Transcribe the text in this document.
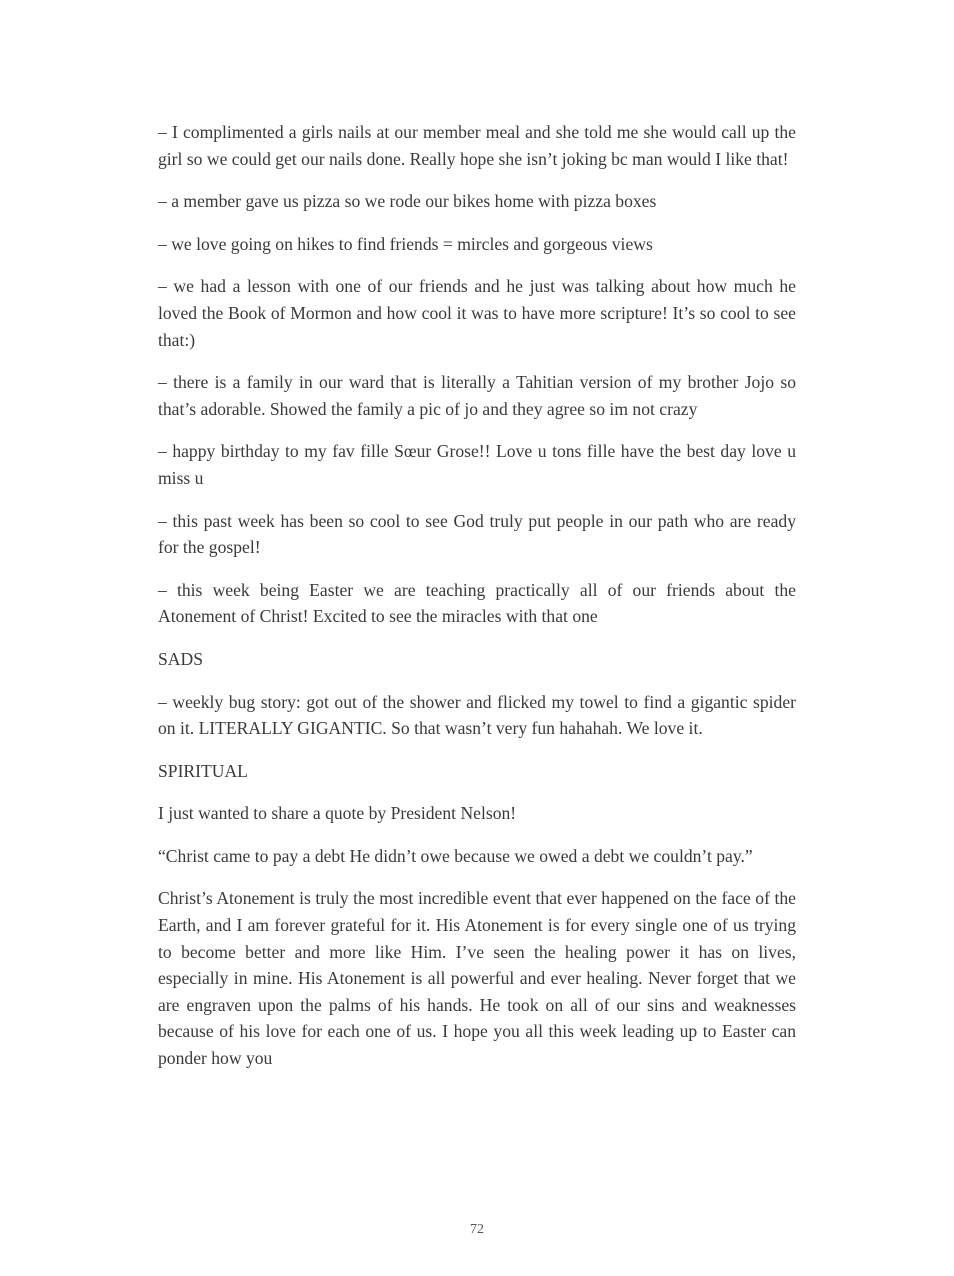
– I complimented a girls nails at our member meal and she told me she would call up the girl so we could get our nails done. Really hope she isn’t joking bc man would I like that!

– a member gave us pizza so we rode our bikes home with pizza boxes

– we love going on hikes to find friends = mircles and gorgeous views

– we had a lesson with one of our friends and he just was talking about how much he loved the Book of Mormon and how cool it was to have more scripture! It’s so cool to see that:)

– there is a family in our ward that is literally a Tahitian version of my brother Jojo so that’s adorable. Showed the family a pic of jo and they agree so im not crazy

– happy birthday to my fav fille Sœur Grose!! Love u tons fille have the best day love u miss u

– this past week has been so cool to see God truly put people in our path who are ready for the gospel!

– this week being Easter we are teaching practically all of our friends about the Atonement of Christ! Excited to see the miracles with that one

SADS

– weekly bug story: got out of the shower and flicked my towel to find a gigantic spider on it. LITERALLY GIGANTIC. So that wasn’t very fun hahahah. We love it.

SPIRITUAL

I just wanted to share a quote by President Nelson!

“Christ came to pay a debt He didn’t owe because we owed a debt we couldn’t pay.”

Christ’s Atonement is truly the most incredible event that ever happened on the face of the Earth, and I am forever grateful for it. His Atonement is for every single one of us trying to become better and more like Him. I’ve seen the healing power it has on lives, especially in mine. His Atonement is all powerful and ever healing. Never forget that we are engraven upon the palms of his hands. He took on all of our sins and weaknesses because of his love for each one of us. I hope you all this week leading up to Easter can ponder how you

72
